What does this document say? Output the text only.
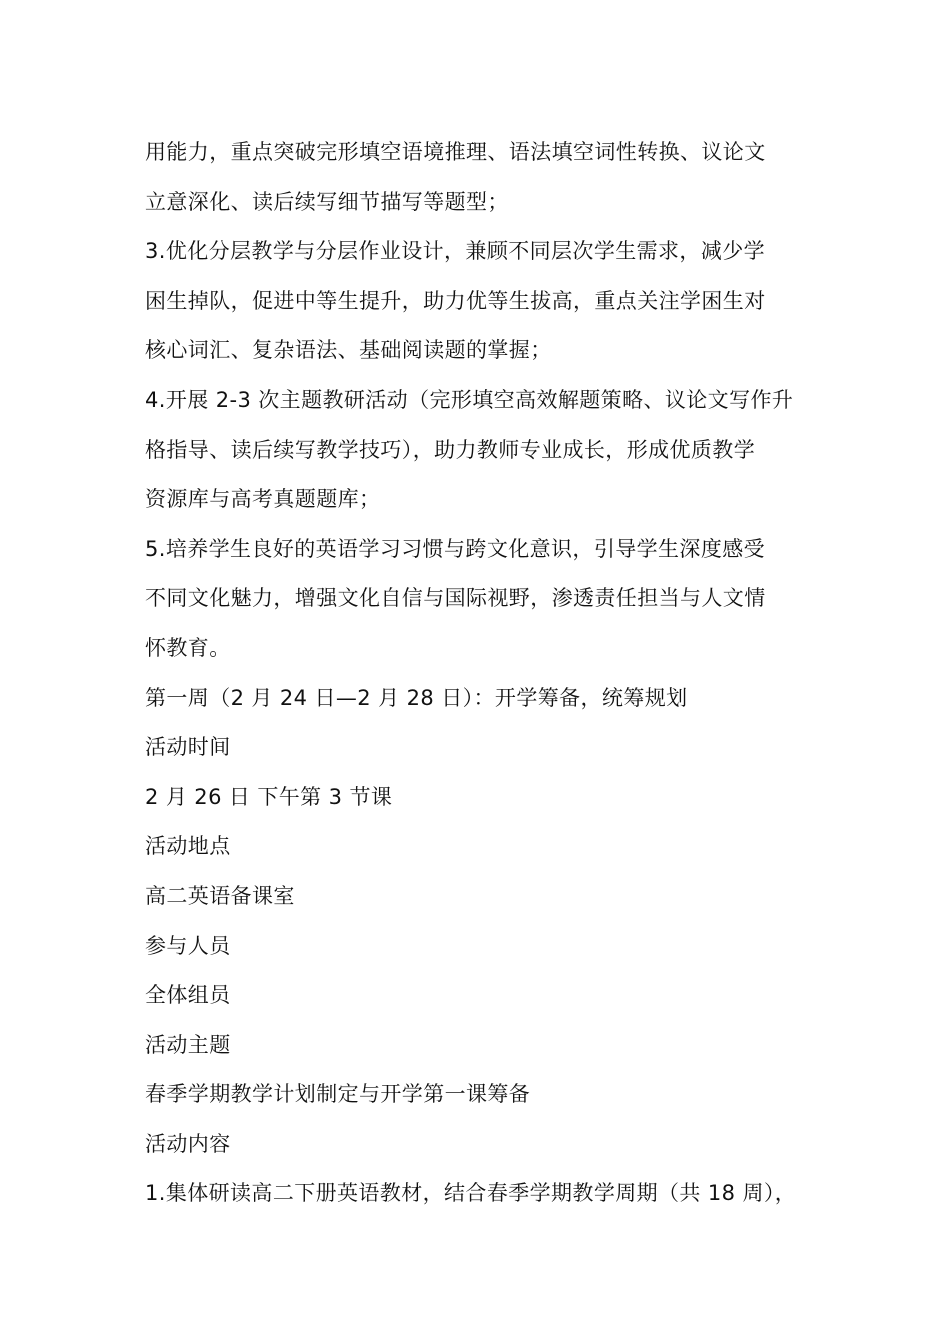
用能力，重点突破完形填空语境推理、语法填空词性转换、议论文
立意深化、读后续写细节描写等题型；
3.优化分层教学与分层作业设计，兼顾不同层次学生需求，减少学
困生掉队，促进中等生提升，助力优等生拔高，重点关注学困生对
核心词汇、复杂语法、基础阅读题的掌握；
4.开展 2-3 次主题教研活动（完形填空高效解题策略、议论文写作升
格指导、读后续写教学技巧），助力教师专业成长，形成优质教学
资源库与高考真题题库；
5.培养学生良好的英语学习习惯与跨文化意识，引导学生深度感受
不同文化魅力，增强文化自信与国际视野，渗透责任担当与人文情
怀教育。
第一周（2 月 24 日—2 月 28 日）：开学筹备，统筹规划
活动时间
2 月 26 日 下午第 3 节课
活动地点
高二英语备课室
参与人员
全体组员
活动主题
春季学期教学计划制定与开学第一课筹备
活动内容
1.集体研读高二下册英语教材，结合春季学期教学周期（共 18 周），
